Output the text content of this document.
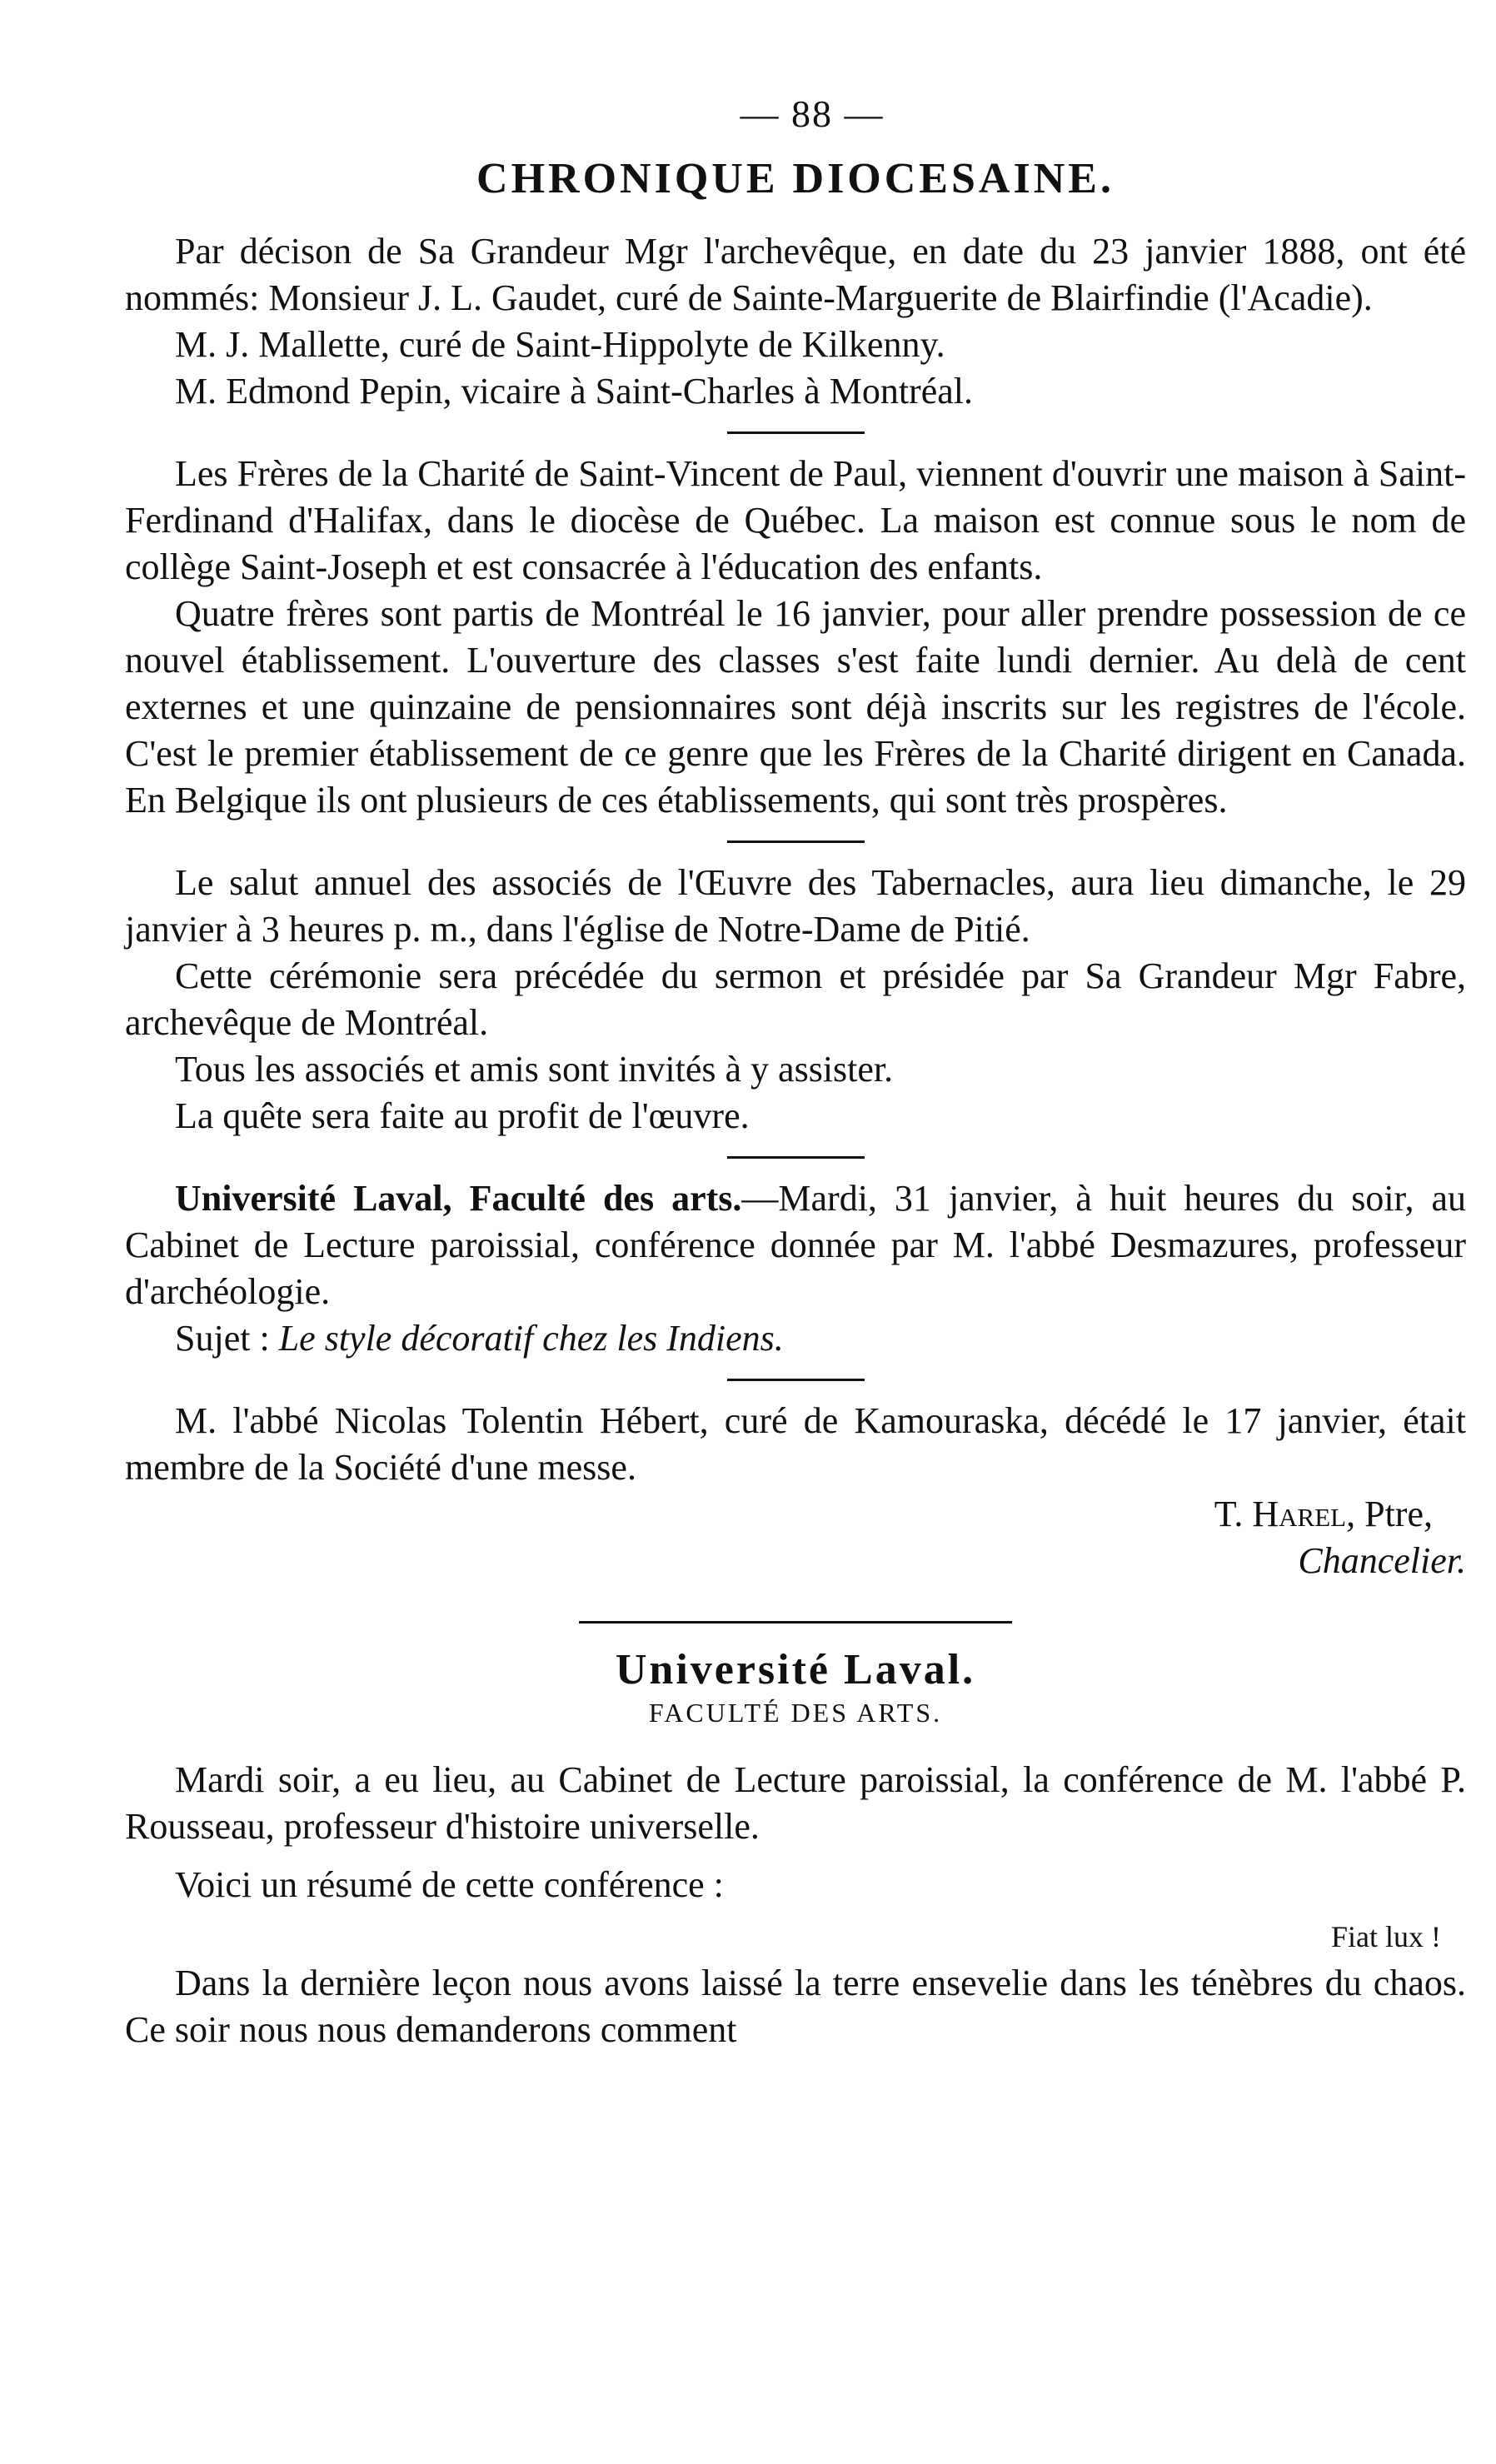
— 88 —
CHRONIQUE DIOCESAINE.

Par décison de Sa Grandeur Mgr l'archevêque, en date du 23 janvier 1888, ont été nommés: Monsieur J. L. Gaudet, curé de Sainte-Marguerite de Blairfindie (l'Acadie).

M. J. Mallette, curé de Saint-Hippolyte de Kilkenny.

M. Edmond Pepin, vicaire à Saint-Charles à Montréal.

Les Frères de la Charité de Saint-Vincent de Paul, viennent d'ouvrir une maison à Saint-Ferdinand d'Halifax, dans le diocèse de Québec. La maison est connue sous le nom de collège Saint-Joseph et est consacrée à l'éducation des enfants.

Quatre frères sont partis de Montréal le 16 janvier, pour aller prendre possession de ce nouvel établissement. L'ouverture des classes s'est faite lundi dernier. Au delà de cent externes et une quinzaine de pensionnaires sont déjà inscrits sur les registres de l'école. C'est le premier établissement de ce genre que les Frères de la Charité dirigent en Canada. En Belgique ils ont plusieurs de ces établissements, qui sont très prospères.

Le salut annuel des associés de l'Œuvre des Tabernacles, aura lieu dimanche, le 29 janvier à 3 heures p. m., dans l'église de Notre-Dame de Pitié.

Cette cérémonie sera précédée du sermon et présidée par Sa Grandeur Mgr Fabre, archevêque de Montréal.

Tous les associés et amis sont invités à y assister.

La quête sera faite au profit de l'œuvre.

Université Laval, Faculté des arts.—Mardi, 31 janvier, à huit heures du soir, au Cabinet de Lecture paroissial, conférence donnée par M. l'abbé Desmazures, professeur d'archéologie.

Sujet : Le style décoratif chez les Indiens.

M. l'abbé Nicolas Tolentin Hébert, curé de Kamouraska, décédé le 17 janvier, était membre de la Société d'une messe.

T. Harel, Ptre,
Chancelier.
Université Laval.
FACULTÉ DES ARTS.

Mardi soir, a eu lieu, au Cabinet de Lecture paroissial, la conférence de M. l'abbé P. Rousseau, professeur d'histoire universelle.

Voici un résumé de cette conférence :

Fiat lux !

Dans la dernière leçon nous avons laissé la terre ensevelie dans les ténèbres du chaos. Ce soir nous nous demanderons comment
